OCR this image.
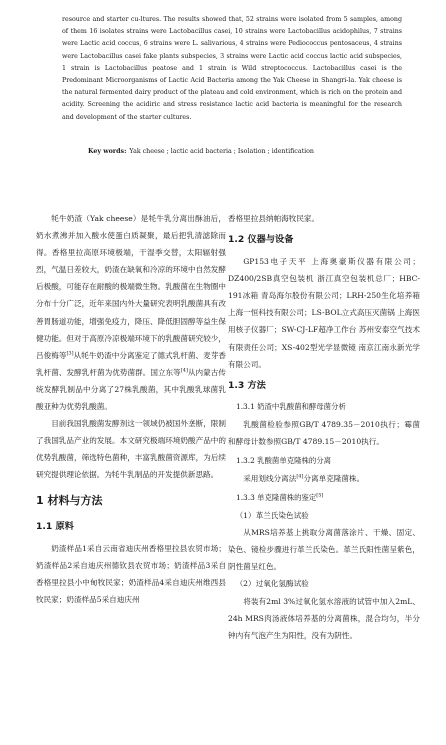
resource and starter cu-ltures. The results showed that, 52 strains were isolated from 5 samples, among of them 16 isolates strains were Lactobacillus casei, 10 strains were Lactobacillus acidophilus, 7 strains were Lactic acid coccus, 6 strains were L. salivarious, 4 strains were Pediococcus pentosaceus, 4 strains were Lactobacillus casei fake plants subspecies, 3 strains were Lactic acid coccus lactic acid subspecies, 1 strain is Lactobacillus peatose and 1 strain is Wild streptococcus. Lactobacillus casei is the Predominant Microorganisms of Lactic Acid Bacteria among the Yak Cheese in Shangri-la. Yak cheese is the natural fermented dairy product of the plateau and cold environment, which is rich on the protein and acidity. Screening the acidiric and stress resistance lactic acid bacteria is meaningful for the research and development of the starter cultures.

Key words: Yak cheese ; lactic acid bacteria ; Isolation ; identification

牦牛奶渣（Yak cheese）是牦牛乳分离出酥油后，奶水煮沸并加入酸水使蛋白质凝聚，最后把乳清滤除而得。香格里拉高原环境极端，干湿季交替，太阳辐射强烈，气温日差较大，奶渣在缺氧和冷凉的环境中自然发酵后极酸，可能存在耐酸的极端微生物。乳酸菌在生物圈中分布十分广泛，近年来国内外大量研究表明乳酸菌具有改善胃肠道功能，增强免疫力，降压、降低胆固醇等益生保健功能。但对于高原冷凉极端环境下的乳酸菌研究较少，吕俊梅等[3]从牦牛奶渣中分离鉴定了德式乳杆菌、麦芽香乳杆菌、发酵乳杆菌为优势菌群。国立东等[4]从内蒙古传统发酵乳制品中分离了27株乳酸菌，其中乳酸乳球菌乳酸亚种为优势乳酸菌。

目前我国乳酸菌发酵剂这一领域仍被国外垄断，限制了我国乳品产业的发展。本文研究极端环境奶酸产品中的优势乳酸菌，筛选特色菌种，丰富乳酸菌资源库，为后续研究提供理论依据。为牦牛乳制品的开发提供新思路。

1 材料与方法
1.1 原料

奶渣样品1采自云南省迪庆州香格里拉县农贸市场；奶渣样品2采自迪庆州德钦县农贸市场；奶渣样品3采自香格里拉县小中甸牧民家；奶渣样品4采自迪庆州维西县牧民家；奶渣样品5采自迪庆州

香格里拉县纳帕海牧民家。

1.2 仪器与设备

GP153电子天平 上海奥豪斯仪器有限公司；DZ400/2SB真空包装机 浙江真空包装机总厂；HBC-191冰箱 青岛海尔股份有限公司；LRH-250生化培养箱 上海一恒科技有限公司；LS-BOL立式高压灭菌锅 上海医用核子仪器厂；SW-CJ-LF超净工作台 苏州安泰空气技术有限责任公司；XS-402型光学显微镜 南京江南永新光学有限公司。

1.3 方法
1.3.1 奶渣中乳酸菌和酵母菌分析

乳酸菌检验参照GB/T 4789.35－2010执行；霉菌和酵母计数参照GB/T 4789.15－2010执行。

1.3.2 乳酸菌单克隆株的分离

采用划线分离法[4]分离单克隆菌株。

1.3.3 单克隆菌株的鉴定[5]

（1）革兰氏染色试验

从MRS培养基上挑取分离菌落涂片、干燥、固定、染色、镜检步骤进行革兰氏染色。革兰氏阳性菌呈紫色，阴性菌呈红色。

（2）过氧化氢酶试验

将装有2ml 3%过氧化氢水溶液的试管中加入2mL、24h MRS肉汤液体培养基的分离菌株，混合均匀，半分钟内有气泡产生为阳性，没有为阴性。
